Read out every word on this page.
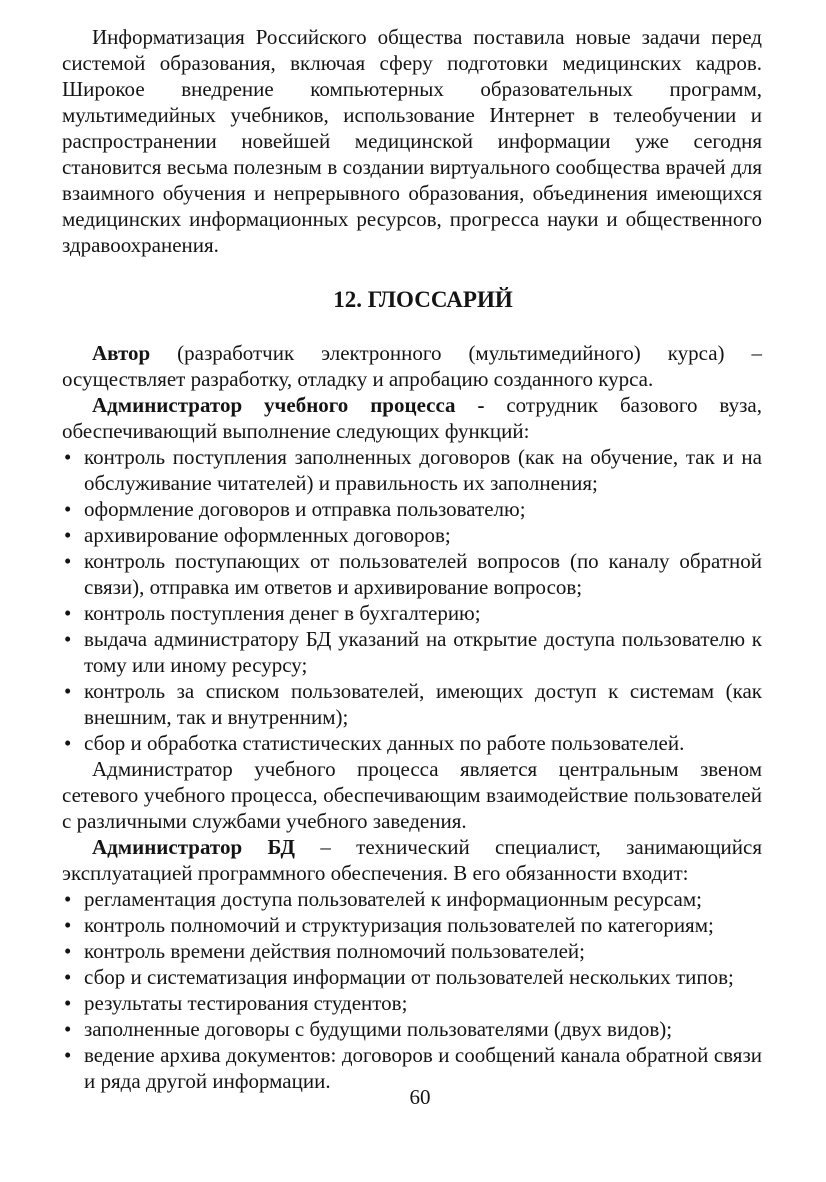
Информатизация Российского общества поставила новые задачи перед системой образования, включая сферу подготовки медицинских кадров. Широкое внедрение компьютерных образовательных программ, мультимедийных учебников, использование Интернет в телеобучении и распространении новейшей медицинской информации уже сегодня становится весьма полезным в создании виртуального сообщества врачей для взаимного обучения и непрерывного образования, объединения имеющихся медицинских информационных ресурсов, прогресса науки и общественного здравоохранения.

12. ГЛОССАРИЙ

Автор (разработчик электронного (мультимедийного) курса) – осуществляет разработку, отладку и апробацию созданного курса.

Администратор учебного процесса - сотрудник базового вуза, обеспечивающий выполнение следующих функций:

• контроль поступления заполненных договоров (как на обучение, так и на обслуживание читателей) и правильность их заполнения;
• оформление договоров и отправка пользователю;
• архивирование оформленных договоров;
• контроль поступающих от пользователей вопросов (по каналу обратной связи), отправка им ответов и архивирование вопросов;
• контроль поступления денег в бухгалтерию;
• выдача администратору БД указаний на открытие доступа пользователю к тому или иному ресурсу;
• контроль за списком пользователей, имеющих доступ к системам (как внешним, так и внутренним);
• сбор и обработка статистических данных по работе пользователей.

Администратор учебного процесса является центральным звеном сетевого учебного процесса, обеспечивающим взаимодействие пользователей с различными службами учебного заведения.

Администратор БД – технический специалист, занимающийся эксплуатацией программного обеспечения. В его обязанности входит:

• регламентация доступа пользователей к информационным ресурсам;
• контроль полномочий и структуризация пользователей по категориям;
• контроль времени действия полномочий пользователей;
• сбор и систематизация информации от пользователей нескольких типов;
• результаты тестирования студентов;
• заполненные договоры с будущими пользователями (двух видов);
• ведение архива документов: договоров и сообщений канала обратной связи и ряда другой информации.
60
